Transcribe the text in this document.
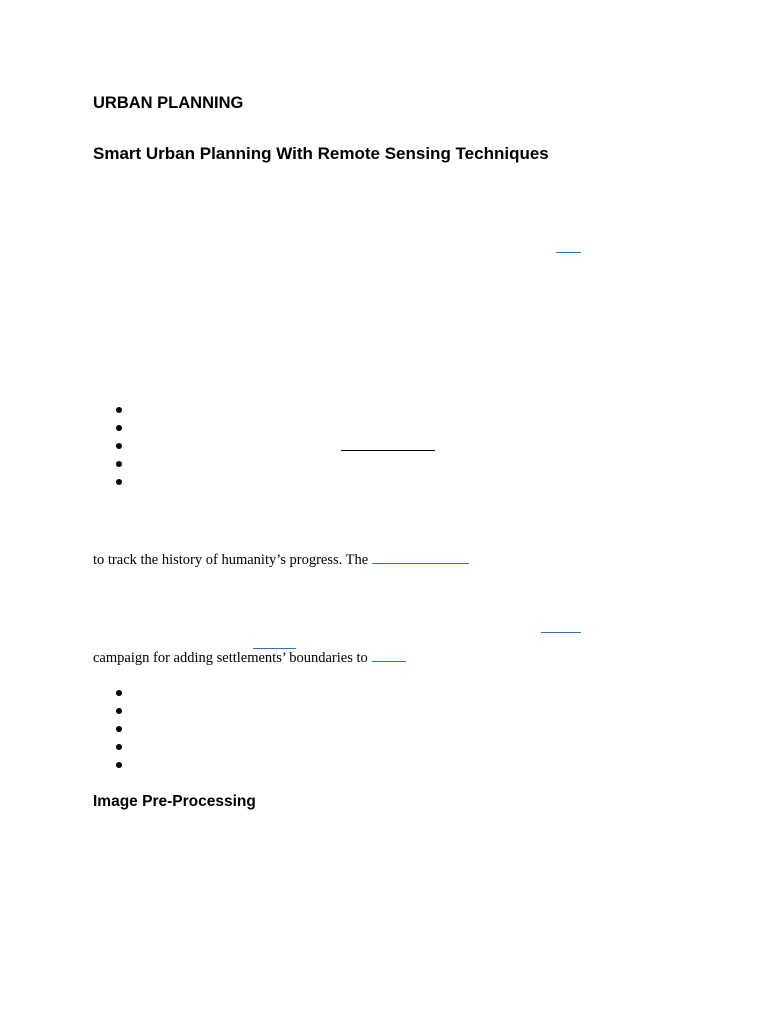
URBAN PLANNING
Smart Urban Planning With Remote Sensing Techniques

to track the history of humanity’s progress. The

campaign for adding settlements’ boundaries to

Image Pre-Processing
